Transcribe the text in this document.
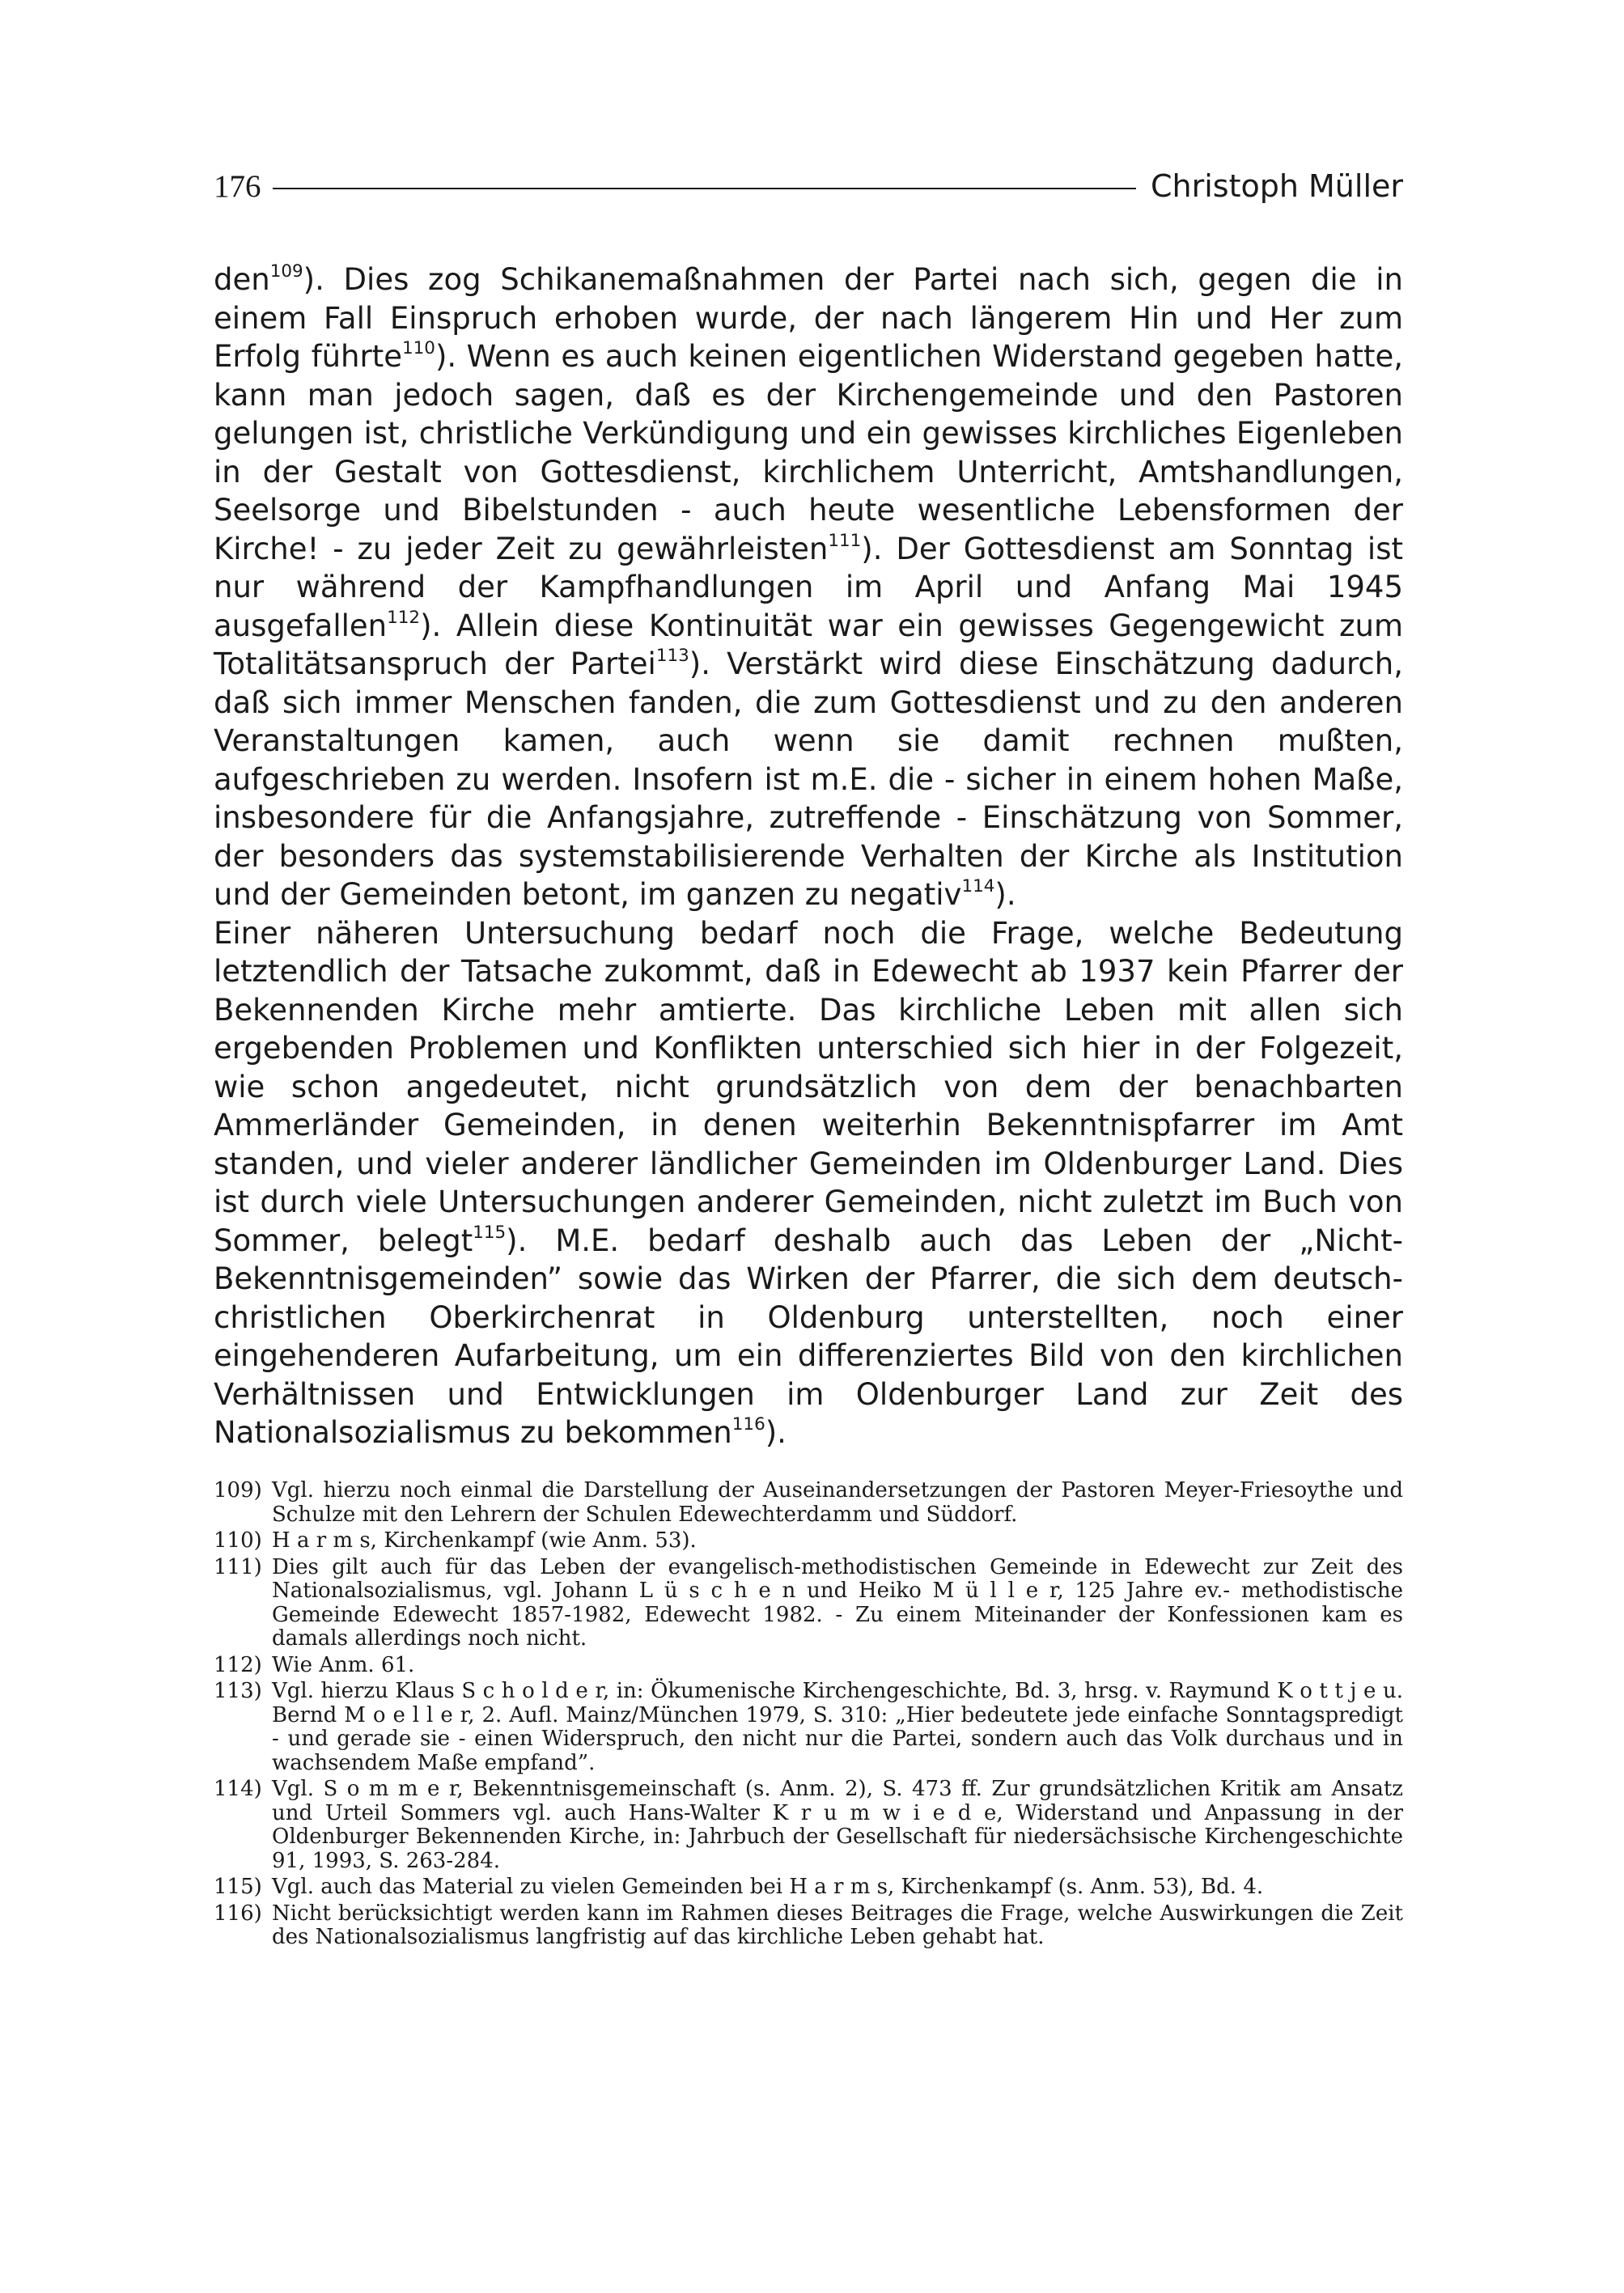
176	Christoph Müller

den$^{109}$). Dies zog Schikanemaßnahmen der Partei nach sich, gegen die in einem Fall Einspruch erhoben wurde, der nach längerem Hin und Her zum Erfolg führte$^{110}$). Wenn es auch keinen eigentlichen Widerstand gegeben hatte, kann man jedoch sagen, daß es der Kirchengemeinde und den Pastoren gelungen ist, christliche Verkündigung und ein gewisses kirchliches Eigenleben in der Gestalt von Gottesdienst, kirchlichem Unterricht, Amtshandlungen, Seelsorge und Bibelstunden - auch heute wesentliche Lebensformen der Kirche! - zu jeder Zeit zu gewährleisten$^{111}$). Der Gottesdienst am Sonntag ist nur während der Kampfhandlungen im April und Anfang Mai 1945 ausgefallen$^{112}$). Allein diese Kontinuität war ein gewisses Gegengewicht zum Totalitätsanspruch der Partei$^{113}$). Verstärkt wird diese Einschätzung dadurch, daß sich immer Menschen fanden, die zum Gottesdienst und zu den anderen Veranstaltungen kamen, auch wenn sie damit rechnen mußten, aufgeschrieben zu werden. Insofern ist m.E. die - sicher in einem hohen Maße, insbesondere für die Anfangsjahre, zutreffende - Einschätzung von Sommer, der besonders das systemstabilisierende Verhalten der Kirche als Institution und der Gemeinden betont, im ganzen zu negativ$^{114}$).

Einer näheren Untersuchung bedarf noch die Frage, welche Bedeutung letztendlich der Tatsache zukommt, daß in Edewecht ab 1937 kein Pfarrer der Bekennenden Kirche mehr amtierte. Das kirchliche Leben mit allen sich ergebenden Problemen und Konflikten unterschied sich hier in der Folgezeit, wie schon angedeutet, nicht grundsätzlich von dem der benachbarten Ammerländer Gemeinden, in denen weiterhin Bekenntnispfarrer im Amt standen, und vieler anderer ländlicher Gemeinden im Oldenburger Land. Dies ist durch viele Untersuchungen anderer Gemeinden, nicht zuletzt im Buch von Sommer, belegt$^{115}$). M.E. bedarf deshalb auch das Leben der „Nicht-Bekenntnisgemeinden” sowie das Wirken der Pfarrer, die sich dem deutsch-christlichen Oberkirchenrat in Oldenburg unterstellten, noch einer eingehenderen Aufarbeitung, um ein differenziertes Bild von den kirchlichen Verhältnissen und Entwicklungen im Oldenburger Land zur Zeit des Nationalsozialismus zu bekommen$^{116}$).

109) Vgl. hierzu noch einmal die Darstellung der Auseinandersetzungen der Pastoren Meyer-Friesoythe und Schulze mit den Lehrern der Schulen Edewechterdamm und Süddorf.
110) H a r m s, Kirchenkampf (wie Anm. 53).
111) Dies gilt auch für das Leben der evangelisch-methodistischen Gemeinde in Edewecht zur Zeit des Nationalsozialismus, vgl. Johann L ü s c h e n und Heiko M ü l l e r, 125 Jahre ev.- methodistische Gemeinde Edewecht 1857-1982, Edewecht 1982. - Zu einem Miteinander der Konfessionen kam es damals allerdings noch nicht.
112) Wie Anm. 61.
113) Vgl. hierzu Klaus S c h o l d e r, in: Ökumenische Kirchengeschichte, Bd. 3, hrsg. v. Raymund K o t t j e u. Bernd M o e l l e r, 2. Aufl. Mainz/München 1979, S. 310: „Hier bedeutete jede einfache Sonntagspredigt - und gerade sie - einen Widerspruch, den nicht nur die Partei, sondern auch das Volk durchaus und in wachsendem Maße empfand”.
114) Vgl. S o m m e r, Bekenntnisgemeinschaft (s. Anm. 2), S. 473 ff. Zur grundsätzlichen Kritik am Ansatz und Urteil Sommers vgl. auch Hans-Walter K r u m w i e d e, Widerstand und Anpassung in der Oldenburger Bekennenden Kirche, in: Jahrbuch der Gesellschaft für niedersächsische Kirchengeschichte 91, 1993, S. 263-284.
115) Vgl. auch das Material zu vielen Gemeinden bei H a r m s, Kirchenkampf (s. Anm. 53), Bd. 4.
116) Nicht berücksichtigt werden kann im Rahmen dieses Beitrages die Frage, welche Auswirkungen die Zeit des Nationalsozialismus langfristig auf das kirchliche Leben gehabt hat.
